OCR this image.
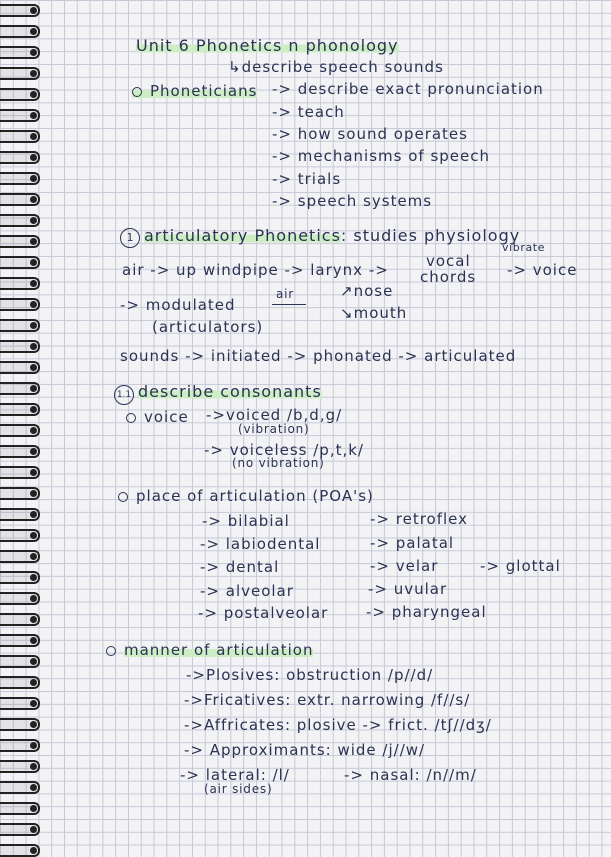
Unit 6 Phonetics n phonology
↳describe speech sounds
Phoneticians -> describe exact pronunciation
-> teach
-> how sound operates
-> mechanisms of speech
-> trials
-> speech systems
1 articulatory Phonetics: studies physiology
vibrate
air -> up windpipe -> larynx -> vocal
chords -> voice
-> modulated
air	↗nose
↘mouth
(articulators)
sounds -> initiated -> phonated -> articulated
1.1 describe consonants
voice ->voiced /b,d,g/
(vibration)
-> voiceless /p,t,k/
(no vibration)
place of articulation (POA's)
-> bilabial
-> labiodental
-> dental
-> alveolar
-> postalveolar
-> retroflex
-> palatal
-> velar
-> uvular
-> pharyngeal
-> glottal
manner of articulation
->Plosives: obstruction /p//d/
->Fricatives: extr. narrowing /f//s/
->Affricates: plosive -> frict. /tʃ//dʒ/
-> Approximants: wide /j//w/
-> lateral: /l/
(air sides)
-> nasal: /n//m/
